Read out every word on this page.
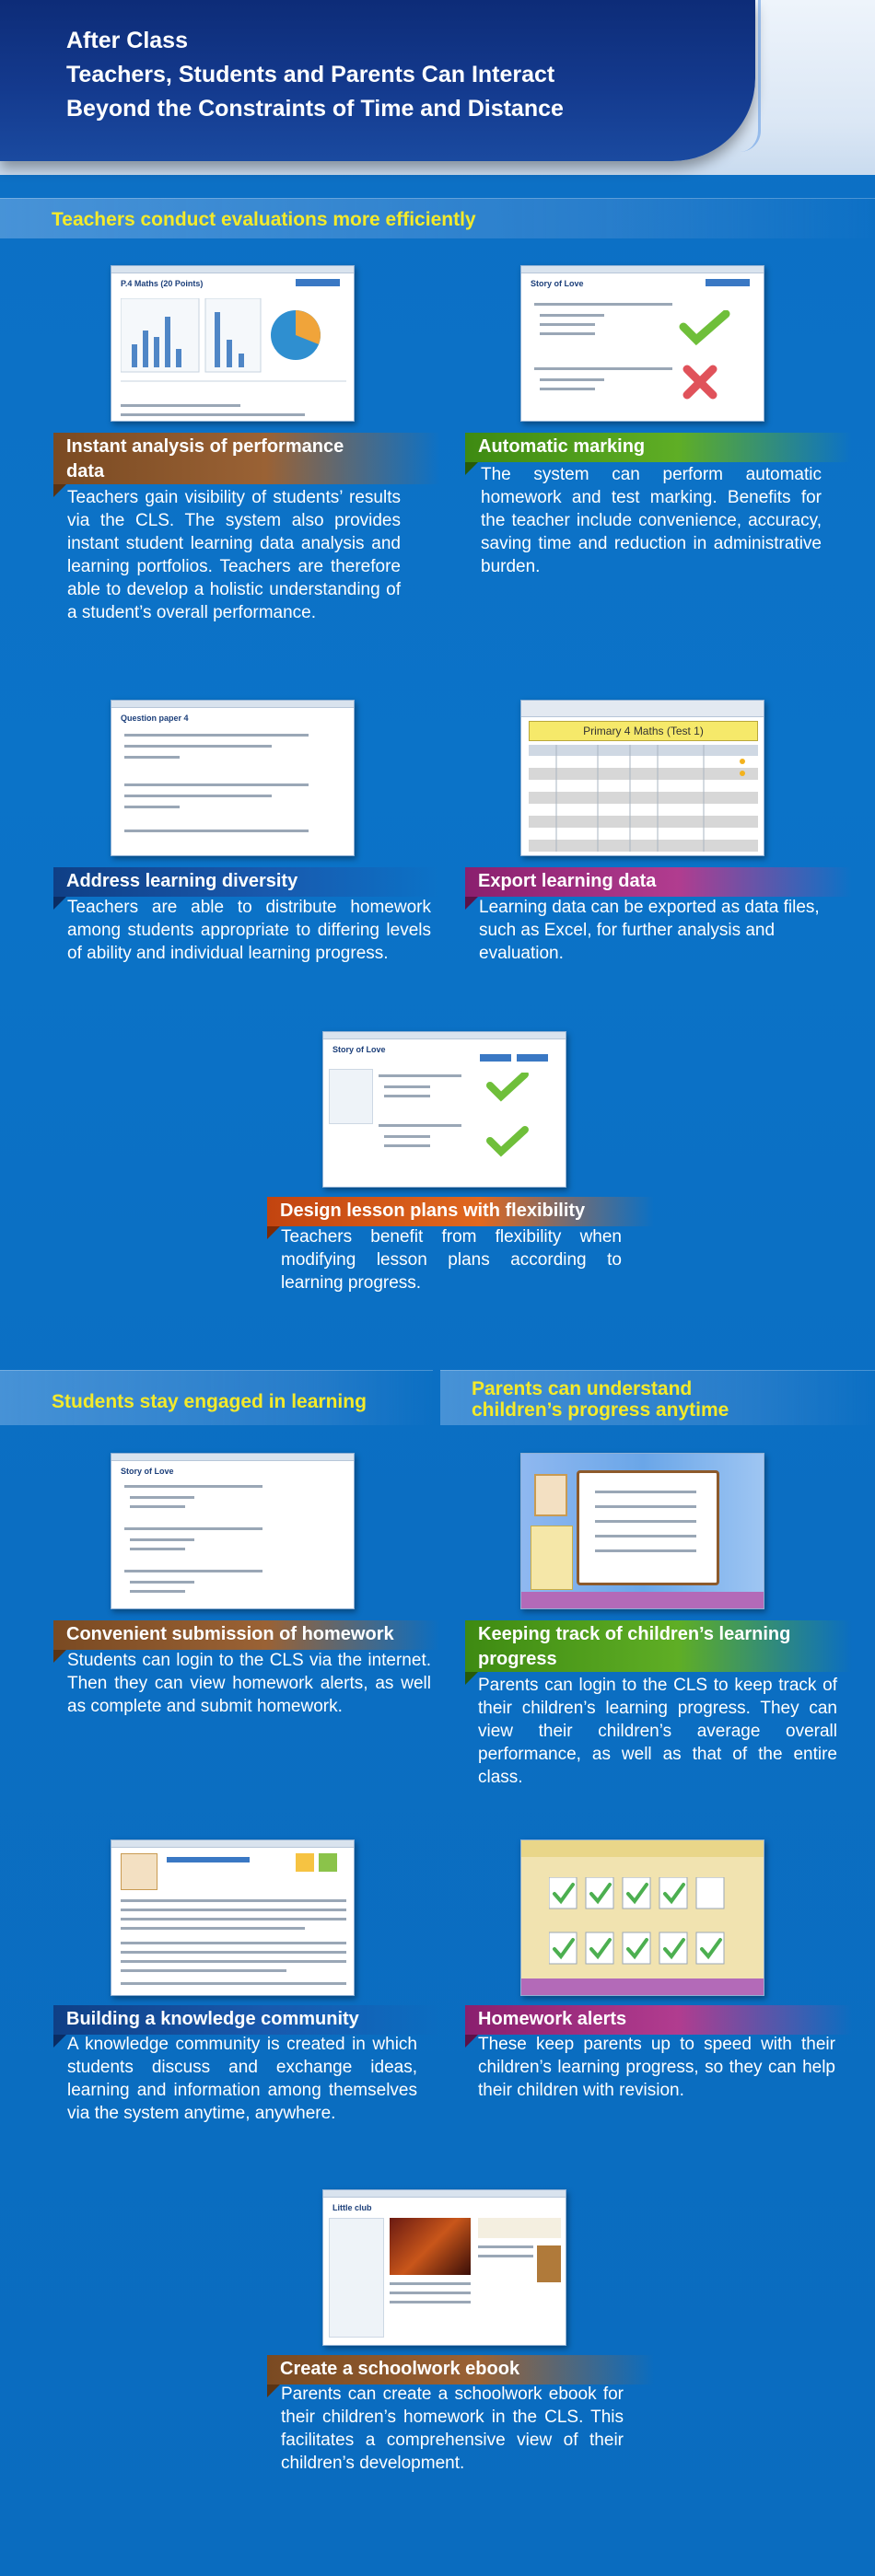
After Class
Teachers, Students and Parents Can Interact
Beyond the Constraints of Time and Distance
Teachers conduct evaluations more efficiently
P.4 Maths (20 Points)	Story of Love
Instant analysis of performance
data
Teachers gain visibility of students’ results via the CLS. The system also provides instant student learning data analysis and learning portfolios. Teachers are therefore able to develop a holistic understanding of a student’s overall performance.
Automatic marking
The system can perform automatic homework and test marking. Benefits for the teacher include convenience, accuracy, saving time and reduction in administrative burden.
Question paper 4
Primary 4 Maths (Test 1)
Address learning diversity
Teachers are able to distribute homework among students appropriate to differing levels of ability and individual learning progress.
Export learning data
Learning data can be exported as data files, such as Excel, for further analysis and evaluation.
Story of Love
Design lesson plans with flexibility
Teachers benefit from flexibility when modifying lesson plans according to learning progress.
Students stay engaged in learning
Parents can understand
children’s progress anytime
Story of Love
Convenient submission of homework
Students can login to the CLS via the internet. Then they can view homework alerts, as well as complete and submit homework.
Keeping track of children’s learning
progress
Parents can login to the CLS to keep track of their children’s learning progress. They can view their children’s average overall performance, as well as that of the entire class.
Building a knowledge community
A knowledge community is created in which students discuss and exchange ideas, learning and information among themselves via the system anytime, anywhere.
Homework alerts
These keep parents up to speed with their children’s learning progress, so they can help their children with revision.
Little club
Create a schoolwork ebook
Parents can create a schoolwork ebook for their children’s homework in the CLS. This facilitates a comprehensive view of their children’s development.
